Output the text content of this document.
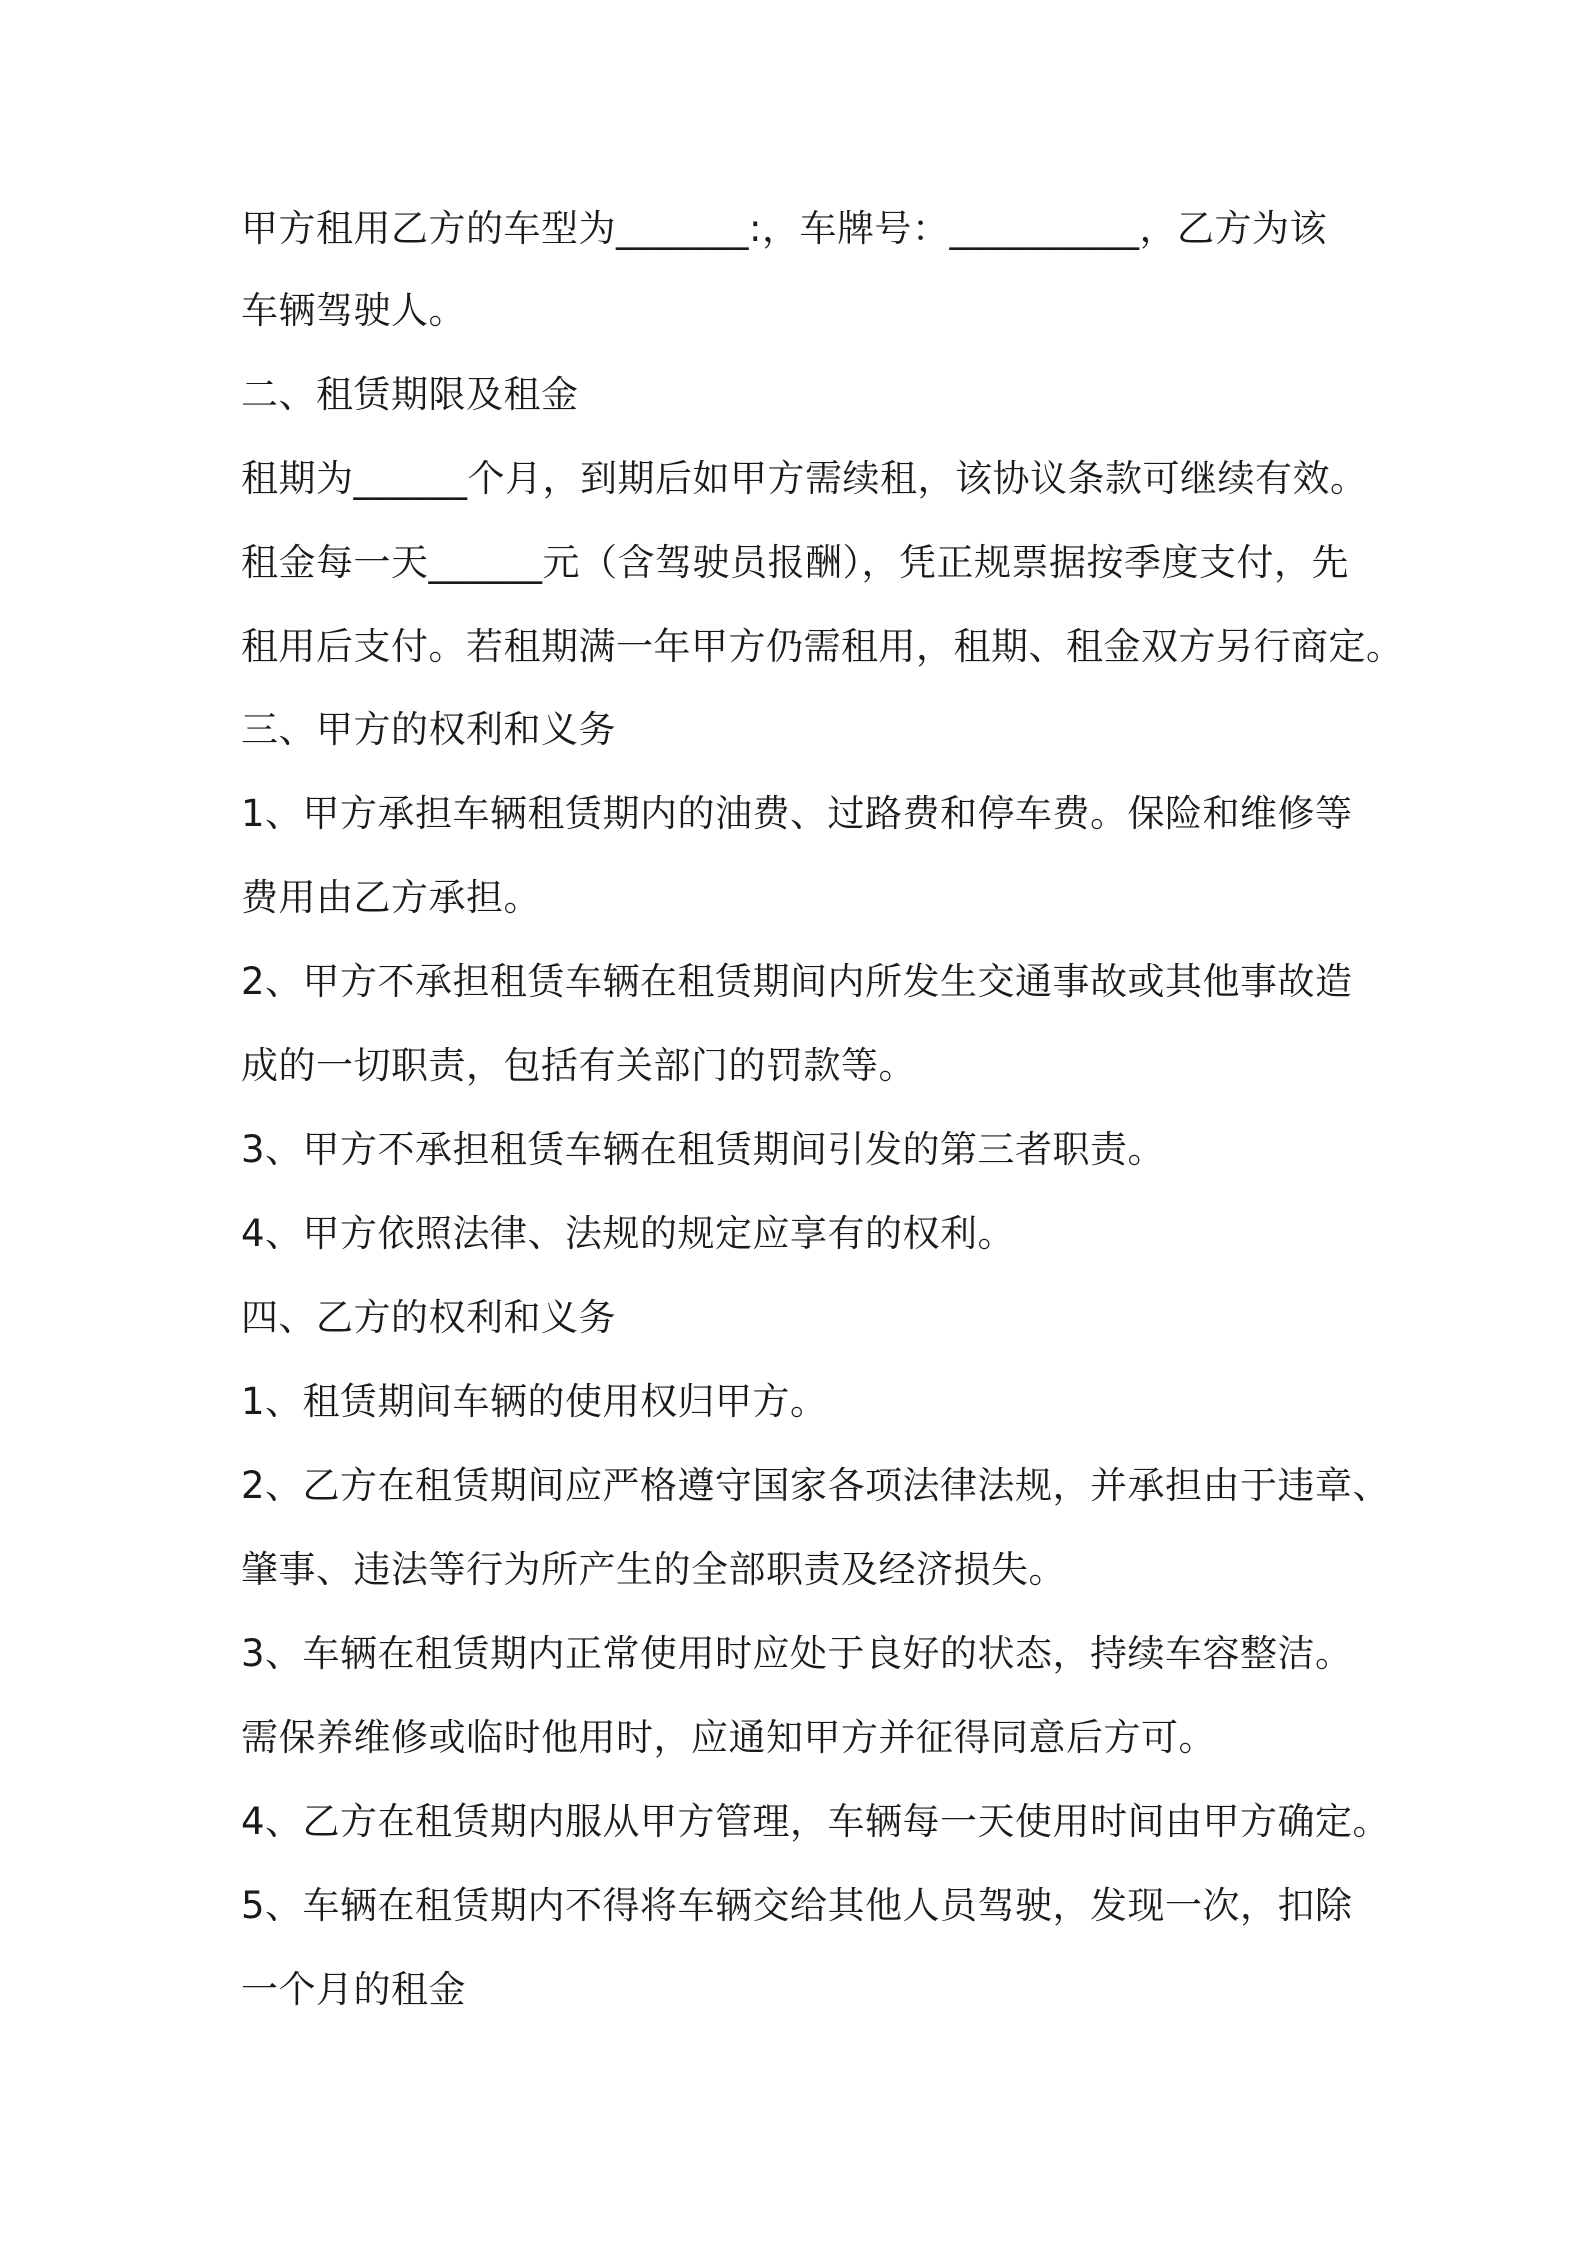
甲方租用乙方的车型为_______:，车牌号：__________，乙方为该
车辆驾驶人。
二、租赁期限及租金
租期为______个月，到期后如甲方需续租，该协议条款可继续有效。
租金每一天______元（含驾驶员报酬），凭正规票据按季度支付，先
租用后支付。若租期满一年甲方仍需租用，租期、租金双方另行商定。
三、甲方的权利和义务
1、甲方承担车辆租赁期内的油费、过路费和停车费。保险和维修等
费用由乙方承担。
2、甲方不承担租赁车辆在租赁期间内所发生交通事故或其他事故造
成的一切职责，包括有关部门的罚款等。
3、甲方不承担租赁车辆在租赁期间引发的第三者职责。
4、甲方依照法律、法规的规定应享有的权利。
四、乙方的权利和义务
1、租赁期间车辆的使用权归甲方。
2、乙方在租赁期间应严格遵守国家各项法律法规，并承担由于违章、
肇事、违法等行为所产生的全部职责及经济损失。
3、车辆在租赁期内正常使用时应处于良好的状态，持续车容整洁。
需保养维修或临时他用时，应通知甲方并征得同意后方可。
4、乙方在租赁期内服从甲方管理，车辆每一天使用时间由甲方确定。
5、车辆在租赁期内不得将车辆交给其他人员驾驶，发现一次，扣除
一个月的租金
